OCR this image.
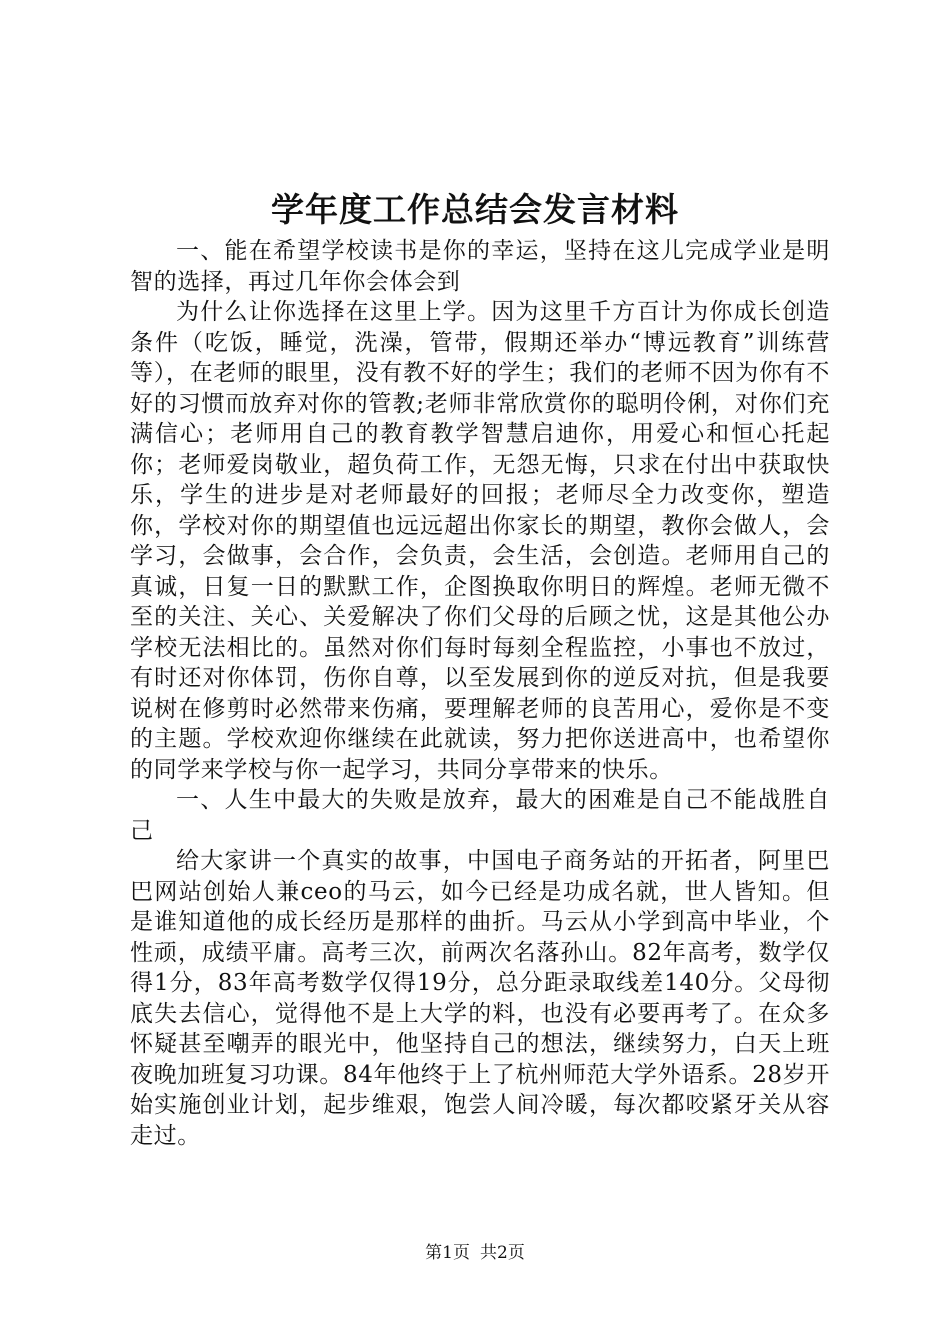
学年度工作总结会发言材料

一、能在希望学校读书是你的幸运，坚持在这儿完成学业是明智的选择，再过几年你会体会到

为什么让你选择在这里上学。因为这里千方百计为你成长创造条件（吃饭，睡觉，洗澡，管带，假期还举办“博远教育”训练营等），在老师的眼里，没有教不好的学生；我们的老师不因为你有不好的习惯而放弃对你的管教;老师非常欣赏你的聪明伶俐，对你们充满信心；老师用自己的教育教学智慧启迪你，用爱心和恒心托起你；老师爱岗敬业，超负荷工作，无怨无悔，只求在付出中获取快乐，学生的进步是对老师最好的回报；老师尽全力改变你，塑造你，学校对你的期望值也远远超出你家长的期望，教你会做人，会学习，会做事，会合作，会负责，会生活，会创造。老师用自己的真诚，日复一日的默默工作，企图换取你明日的辉煌。老师无微不至的关注、关心、关爱解决了你们父母的后顾之忧，这是其他公办学校无法相比的。虽然对你们每时每刻全程监控，小事也不放过，有时还对你体罚，伤你自尊，以至发展到你的逆反对抗，但是我要说树在修剪时必然带来伤痛，要理解老师的良苦用心，爱你是不变的主题。学校欢迎你继续在此就读，努力把你送进高中，也希望你的同学来学校与你一起学习，共同分享带来的快乐。

一、人生中最大的失败是放弃，最大的困难是自己不能战胜自己

给大家讲一个真实的故事，中国电子商务站的开拓者，阿里巴巴网站创始人兼ceo的马云，如今已经是功成名就，世人皆知。但是谁知道他的成长经历是那样的曲折。马云从小学到高中毕业，个性顽，成绩平庸。高考三次，前两次名落孙山。82年高考，数学仅得1分，83年高考数学仅得19分，总分距录取线差140分。父母彻底失去信心，觉得他不是上大学的料，也没有必要再考了。在众多怀疑甚至嘲弄的眼光中，他坚持自己的想法，继续努力，白天上班夜晚加班复习功课。84年他终于上了杭州师范大学外语系。28岁开始实施创业计划，起步维艰，饱尝人间冷暖，每次都咬紧牙关从容走过。

第1页 共2页
